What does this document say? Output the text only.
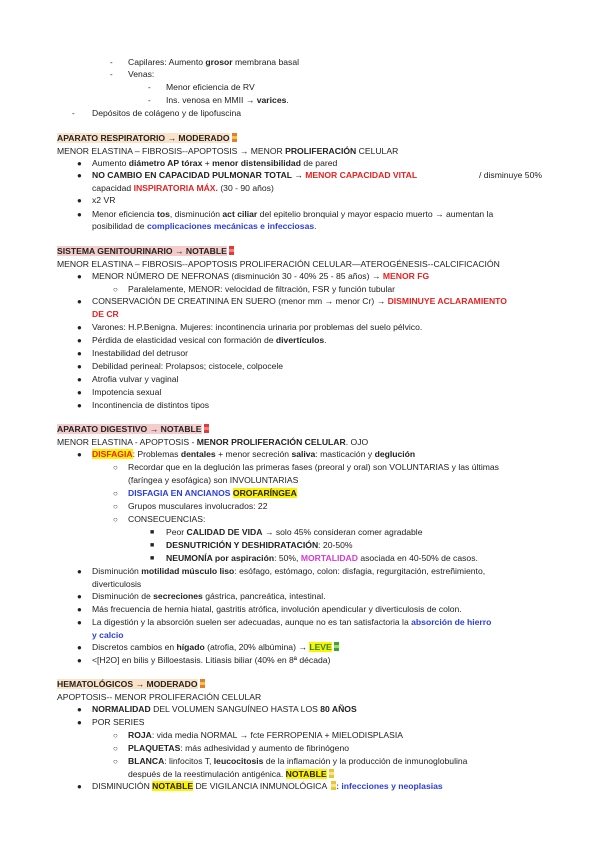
- Capilares: Aumento grosor membrana basal
- Venas:
- Menor eficiencia de RV
- Ins. venosa en MMII → varices.
- Depósitos de colágeno y de lipofuscina
APARATO RESPIRATORIO → MODERADO
MENOR ELASTINA – FIBROSIS--APOPTOSIS → MENOR PROLIFERACIÓN CELULAR
● Aumento diámetro AP tórax + menor distensibilidad de pared
● NO CAMBIO EN CAPACIDAD PULMONAR TOTAL → MENOR CAPACIDAD VITAL	/ disminuye 50%
capacidad INSPIRATORIA MÁX. (30 - 90 años)
● x2 VR
● Menor eficiencia tos, disminución act ciliar del epitelio bronquial y mayor espacio muerto → aumentan la
posibilidad de complicaciones mecánicas e infecciosas.
SISTEMA GENITOURINARIO → NOTABLE
MENOR ELASTINA – FIBROSIS--APOPTOSIS PROLIFERACIÓN CELULAR—ATEROGÉNESIS--CALCIFICACIÓN
● MENOR NÚMERO DE NEFRONAS (disminución 30 - 40% 25 - 85 años) → MENOR FG
○ Paralelamente, MENOR: velocidad de filtración, FSR y función tubular
● CONSERVACIÓN DE CREATININA EN SUERO (menor mm → menor Cr) → DISMINUYE ACLARAMIENTO
DE CR
● Varones: H.P.Benigna. Mujeres: incontinencia urinaria por problemas del suelo pélvico.
● Pérdida de elasticidad vesical con formación de divertículos.
● Inestabilidad del detrusor
● Debilidad perineal: Prolapsos; cistocele, colpocele
● Atrofia vulvar y vaginal
● Impotencia sexual
● Incontinencia de distintos tipos
APARATO DIGESTIVO → NOTABLE
MENOR ELASTINA - APOPTOSIS - MENOR PROLIFERACIÓN CELULAR. OJO
● DISFAGIA: Problemas dentales + menor secreción saliva: masticación y deglución
○ Recordar que en la deglución las primeras fases (preoral y oral) son VOLUNTARIAS y las últimas
(faríngea y esofágica) son INVOLUNTARIAS
○ DISFAGIA EN ANCIANOS OROFARÍNGEA
○ Grupos musculares involucrados: 22
○ CONSECUENCIAS:
■ Peor CALIDAD DE VIDA → solo 45% consideran comer agradable
■ DESNUTRICIÓN Y DESHIDRATACIÓN: 20-50%
■ NEUMONÍA por aspiración: 50%, MORTALIDAD asociada en 40-50% de casos.
● Disminución motilidad músculo liso: esófago, estómago, colon: disfagia, regurgitación, estreñimiento,
diverticulosis
● Disminución de secreciones gástrica, pancreática, intestinal.
● Más frecuencia de hernia hiatal, gastritis atrófica, involución apendicular y diverticulosis de colon.
● La digestión y la absorción suelen ser adecuadas, aunque no es tan satisfactoria la absorción de hierro
y calcio
● Discretos cambios en hígado (atrofia, 20% albúmina) → LEVE
● <[H2O] en bilis y Billoestasis. Litiasis biliar (40% en 8ª década)
HEMATOLÓGICOS → MODERADO
APOPTOSIS-- MENOR PROLIFERACIÓN CELULAR
● NORMALIDAD DEL VOLUMEN SANGUÍNEO HASTA LOS 80 AÑOS
● POR SERIES
○ ROJA: vida media NORMAL → fcte FERROPENIA + MIELODISPLASIA
○ PLAQUETAS: más adhesividad y aumento de fibrinógeno
○ BLANCA: linfocitos T, leucocitosis de la inflamación y la producción de inmunoglobulina
después de la reestimulación antigénica. NOTABLE
● DISMINUCIÓN NOTABLE DE VIGILANCIA INMUNOLÓGICA : infecciones y neoplasias
